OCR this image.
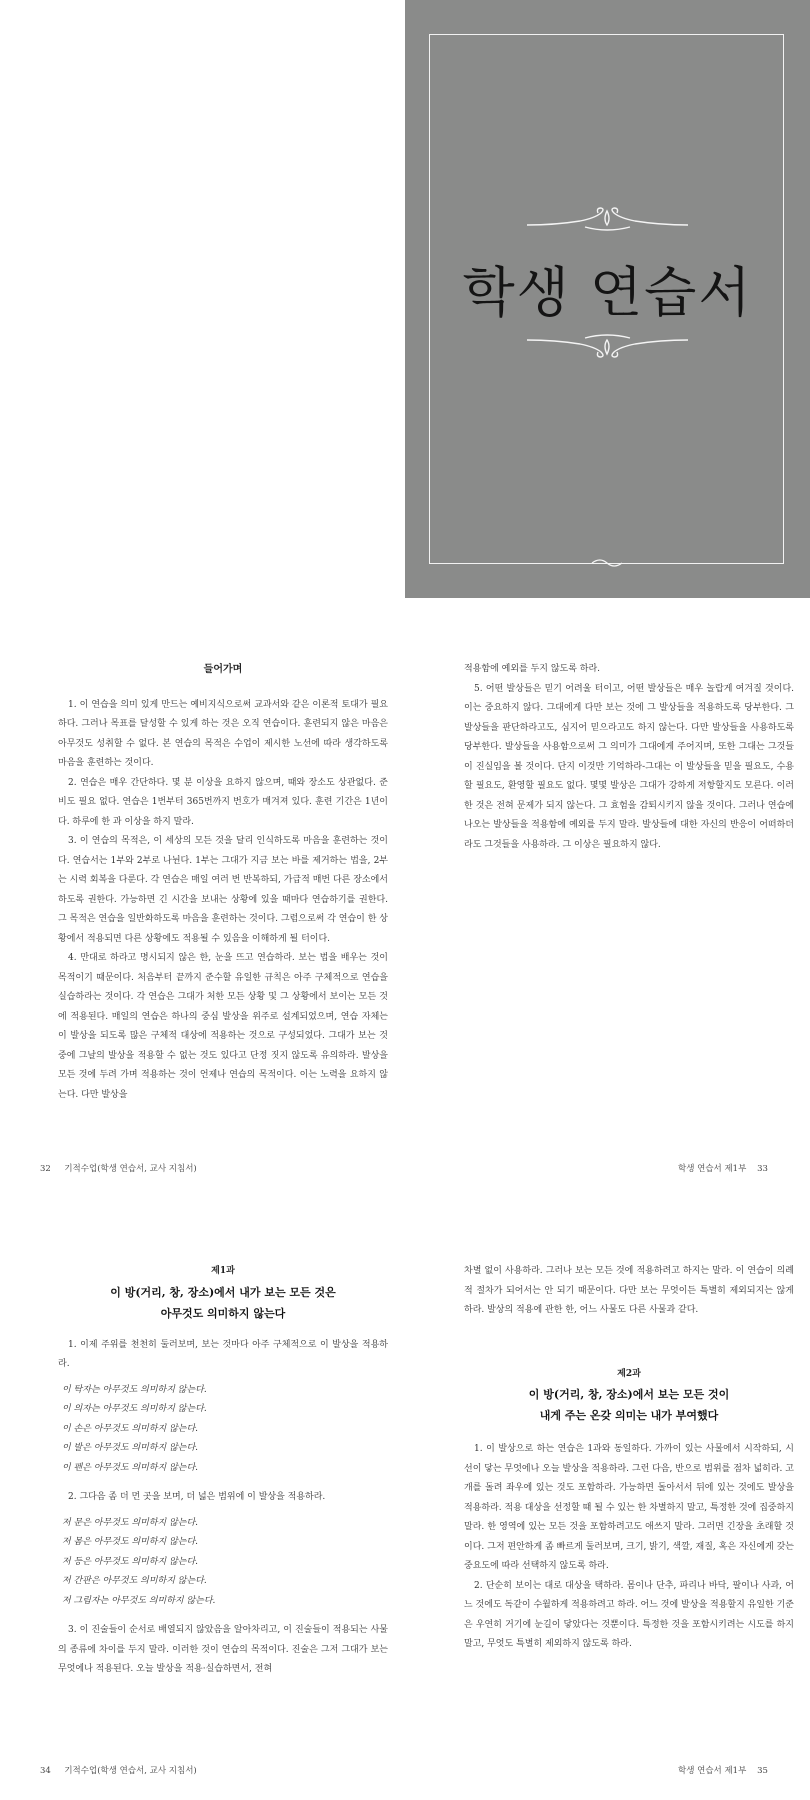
학생 연습서
들어가며

1. 이 연습을 의미 있게 만드는 예비지식으로써 교과서와 같은 이론적 토대가 필요하다. 그러나 목표를 달성할 수 있게 하는 것은 오직 연습이다. 훈련되지 않은 마음은 아무것도 성취할 수 없다. 본 연습의 목적은 수업이 제시한 노선에 따라 생각하도록 마음을 훈련하는 것이다.

2. 연습은 매우 간단하다. 몇 분 이상을 요하지 않으며, 때와 장소도 상관없다. 준비도 필요 없다. 연습은 1번부터 365번까지 번호가 매겨져 있다. 훈련 기간은 1년이다. 하루에 한 과 이상을 하지 말라.

3. 이 연습의 목적은, 이 세상의 모든 것을 달리 인식하도록 마음을 훈련하는 것이다. 연습서는 1부와 2부로 나뉜다. 1부는 그대가 지금 보는 바를 제거하는 법을, 2부는 시력 회복을 다룬다. 각 연습은 매일 여러 번 반복하되, 가급적 매번 다른 장소에서 하도록 권한다. 가능하면 긴 시간을 보내는 상황에 있을 때마다 연습하기를 권한다. 그 목적은 연습을 일반화하도록 마음을 훈련하는 것이다. 그럼으로써 각 연습이 한 상황에서 적용되면 다른 상황에도 적용될 수 있음을 이해하게 될 터이다.

4. 만대로 하라고 명시되지 않은 한, 눈을 뜨고 연습하라. 보는 법을 배우는 것이 목적이기 때문이다. 처음부터 끝까지 준수할 유일한 규칙은 아주 구체적으로 연습을 실습하라는 것이다. 각 연습은 그대가 처한 모든 상황 및 그 상황에서 보이는 모든 것에 적용된다. 매일의 연습은 하나의 중심 발상을 위주로 설계되었으며, 연습 자체는 이 발상을 되도록 많은 구체적 대상에 적용하는 것으로 구성되었다. 그대가 보는 것 중에 그날의 발상을 적용할 수 없는 것도 있다고 단정 짓지 않도록 유의하라. 발상을 모든 것에 두려 가며 적용하는 것이 언제나 연습의 목적이다. 이는 노력을 요하지 않는다. 다만 발상을

32 기적수업(학생 연습서, 교사 지침서)

적용함에 예외를 두지 않도록 하라.

5. 어떤 발상들은 믿기 어려울 터이고, 어떤 발상들은 매우 놀랍게 여겨질 것이다. 이는 중요하지 않다. 그대에게 다만 보는 것에 그 발상들을 적용하도록 당부한다. 그 발상들을 판단하라고도, 심지어 믿으라고도 하지 않는다. 다만 발상들을 사용하도록 당부한다. 발상들을 사용함으로써 그 의미가 그대에게 주어지며, 또한 그대는 그것들이 진실임을 볼 것이다. 단지 이것만 기억하라-그대는 이 발상들을 믿을 필요도, 수용할 필요도, 환영할 필요도 없다. 몇몇 발상은 그대가 강하게 저항할지도 모른다. 이러한 것은 전혀 문제가 되지 않는다. 그 효험을 감퇴시키지 않을 것이다. 그러나 연습에 나오는 발상들을 적용함에 예외를 두지 말라. 발상들에 대한 자신의 반응이 어떠하더라도 그것들을 사용하라. 그 이상은 필요하지 않다.

학생 연습서 제1부 33
제1과
이 방(거리, 창, 장소)에서 내가 보는 모든 것은
아무것도 의미하지 않는다

1. 이제 주위를 천천히 둘러보며, 보는 것마다 아주 구체적으로 이 발상을 적용하라.

이 탁자는 아무것도 의미하지 않는다.
이 의자는 아무것도 의미하지 않는다.
이 손은 아무것도 의미하지 않는다.
이 발은 아무것도 의미하지 않는다.
이 펜은 아무것도 의미하지 않는다.

2. 그다음 좀 더 먼 곳을 보며, 더 넓은 범위에 이 발상을 적용하라.

저 문은 아무것도 의미하지 않는다.
저 몸은 아무것도 의미하지 않는다.
저 등은 아무것도 의미하지 않는다.
저 간판은 아무것도 의미하지 않는다.
저 그림자는 아무것도 의미하지 않는다.

3. 이 진술들이 순서로 배열되지 않았음을 알아차리고, 이 진술들이 적용되는 사물의 종류에 차이를 두지 말라. 이러한 것이 연습의 목적이다. 진술은 그저 그대가 보는 무엇에나 적용된다. 오늘 발상을 적용·실습하면서, 전혀

34 기적수업(학생 연습서, 교사 지침서)

차별 없이 사용하라. 그러나 보는 모든 것에 적용하려고 하지는 말라. 이 연습이 의례적 절차가 되어서는 안 되기 때문이다. 다만 보는 무엇이든 특별히 제외되지는 않게 하라. 발상의 적용에 관한 한, 어느 사물도 다른 사물과 같다.

제2과
이 방(거리, 창, 장소)에서 보는 모든 것이
내게 주는 온갖 의미는 내가 부여했다

1. 이 발상으로 하는 연습은 1과와 동일하다. 가까이 있는 사물에서 시작하되, 시선이 닿는 무엇에나 오늘 발상을 적용하라. 그런 다음, 반으로 범위를 점차 넓히라. 고개를 돌려 좌우에 있는 것도 포함하라. 가능하면 돌아서서 뒤에 있는 것에도 발상을 적용하라. 적용 대상을 선정할 때 될 수 있는 한 차별하지 말고, 특정한 것에 집중하지 말라. 한 영역에 있는 모든 것을 포함하려고도 애쓰지 말라. 그러면 긴장을 초래할 것이다. 그저 편안하게 좀 빠르게 둘러보며, 크기, 밝기, 색깔, 재질, 혹은 자신에게 갖는 중요도에 따라 선택하지 않도록 하라.

2. 단순히 보이는 대로 대상을 택하라. 몸이나 단추, 파리나 바닥, 팔이나 사과, 어느 것에도 독같이 수월하게 적용하려고 하라. 어느 것에 발상을 적용할지 유일한 기준은 우연히 거기에 눈길이 닿았다는 것뿐이다. 특정한 것을 포함시키려는 시도를 하지 말고, 무엇도 특별히 제외하지 않도록 하라.

학생 연습서 제1부 35
